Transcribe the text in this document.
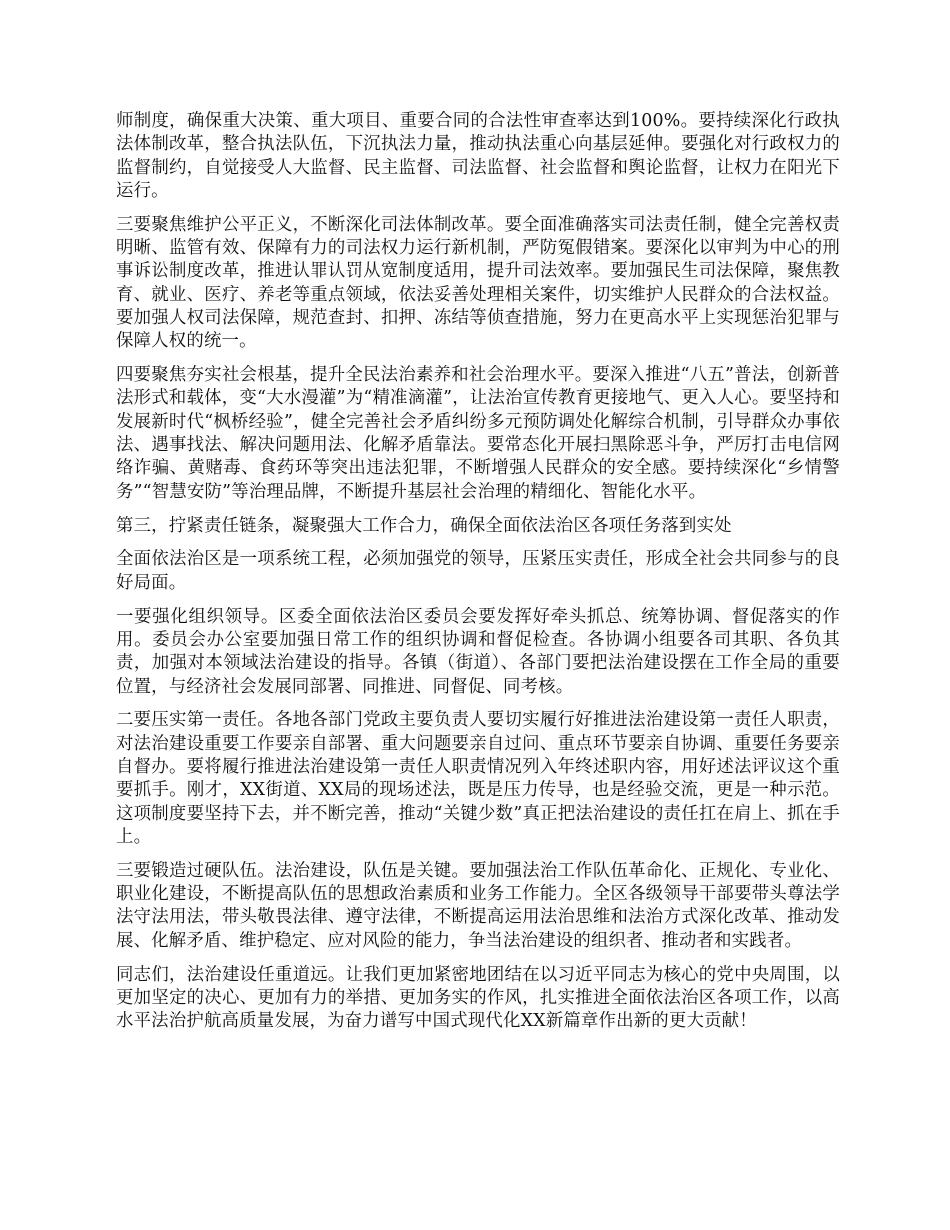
师制度，确保重大决策、重大项目、重要合同的合法性审查率达到100%。要持续深化行政执法体制改革，整合执法队伍，下沉执法力量，推动执法重心向基层延伸。要强化对行政权力的监督制约，自觉接受人大监督、民主监督、司法监督、社会监督和舆论监督，让权力在阳光下运行。

三要聚焦维护公平正义，不断深化司法体制改革。要全面准确落实司法责任制，健全完善权责明晰、监管有效、保障有力的司法权力运行新机制，严防冤假错案。要深化以审判为中心的刑事诉讼制度改革，推进认罪认罚从宽制度适用，提升司法效率。要加强民生司法保障，聚焦教育、就业、医疗、养老等重点领域，依法妥善处理相关案件，切实维护人民群众的合法权益。要加强人权司法保障，规范查封、扣押、冻结等侦查措施，努力在更高水平上实现惩治犯罪与保障人权的统一。

四要聚焦夯实社会根基，提升全民法治素养和社会治理水平。要深入推进“八五”普法，创新普法形式和载体，变“大水漫灌”为“精准滴灌”，让法治宣传教育更接地气、更入人心。要坚持和发展新时代“枫桥经验”，健全完善社会矛盾纠纷多元预防调处化解综合机制，引导群众办事依法、遇事找法、解决问题用法、化解矛盾靠法。要常态化开展扫黑除恶斗争，严厉打击电信网络诈骗、黄赌毒、食药环等突出违法犯罪，不断增强人民群众的安全感。要持续深化“乡情警务”“智慧安防”等治理品牌，不断提升基层社会治理的精细化、智能化水平。

第三，拧紧责任链条，凝聚强大工作合力，确保全面依法治区各项任务落到实处

全面依法治区是一项系统工程，必须加强党的领导，压紧压实责任，形成全社会共同参与的良好局面。

一要强化组织领导。区委全面依法治区委员会要发挥好牵头抓总、统筹协调、督促落实的作用。委员会办公室要加强日常工作的组织协调和督促检查。各协调小组要各司其职、各负其责，加强对本领域法治建设的指导。各镇（街道）、各部门要把法治建设摆在工作全局的重要位置，与经济社会发展同部署、同推进、同督促、同考核。

二要压实第一责任。各地各部门党政主要负责人要切实履行好推进法治建设第一责任人职责，对法治建设重要工作要亲自部署、重大问题要亲自过问、重点环节要亲自协调、重要任务要亲自督办。要将履行推进法治建设第一责任人职责情况列入年终述职内容，用好述法评议这个重要抓手。刚才，XX街道、XX局的现场述法，既是压力传导，也是经验交流，更是一种示范。这项制度要坚持下去，并不断完善，推动“关键少数”真正把法治建设的责任扛在肩上、抓在手上。

三要锻造过硬队伍。法治建设，队伍是关键。要加强法治工作队伍革命化、正规化、专业化、职业化建设，不断提高队伍的思想政治素质和业务工作能力。全区各级领导干部要带头尊法学法守法用法，带头敬畏法律、遵守法律，不断提高运用法治思维和法治方式深化改革、推动发展、化解矛盾、维护稳定、应对风险的能力，争当法治建设的组织者、推动者和实践者。

同志们，法治建设任重道远。让我们更加紧密地团结在以习近平同志为核心的党中央周围，以更加坚定的决心、更加有力的举措、更加务实的作风，扎实推进全面依法治区各项工作，以高水平法治护航高质量发展，为奋力谱写中国式现代化XX新篇章作出新的更大贡献！
